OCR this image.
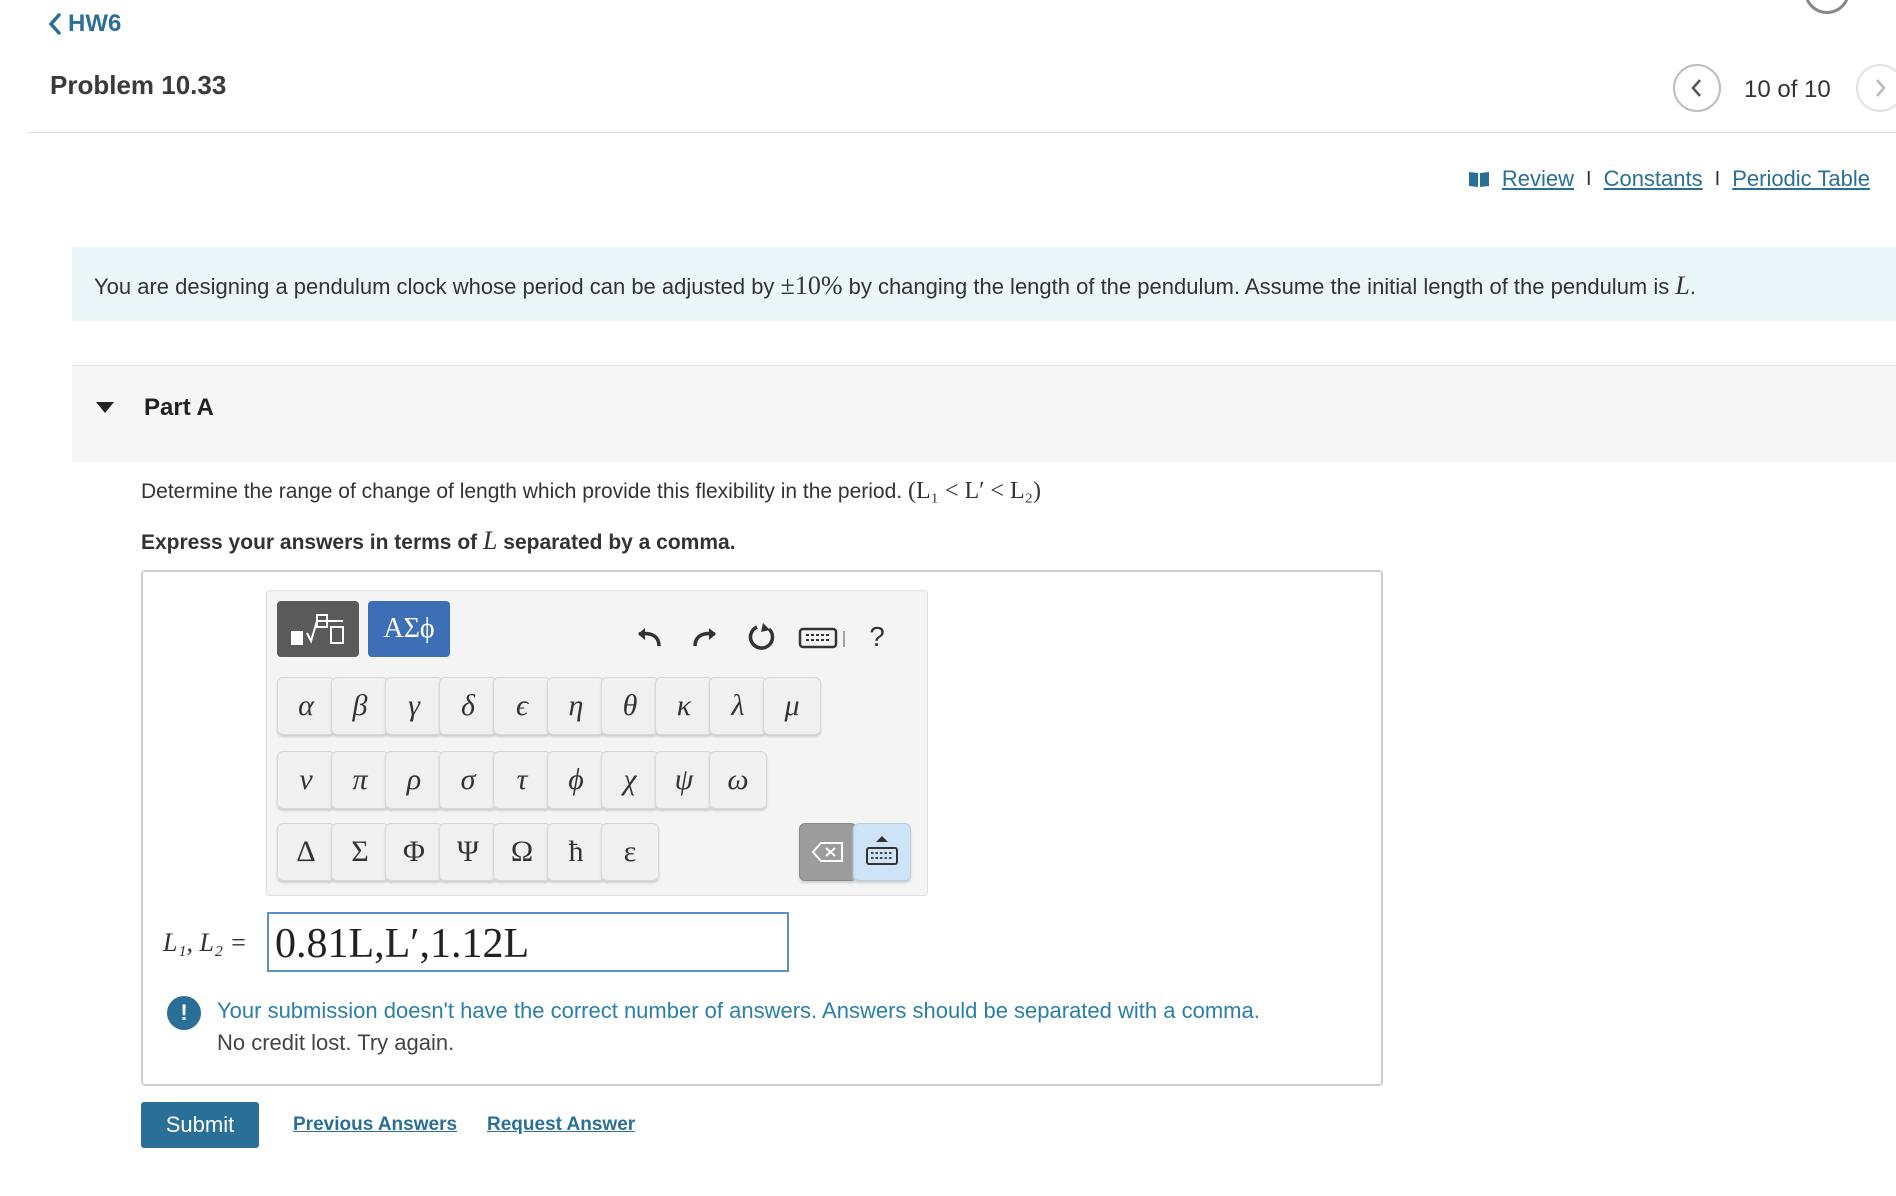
HW6
Problem 10.33	10 of 10
Review I Constants I Periodic Table
You are designing a pendulum clock whose period can be adjusted by ±10% by changing the length of the pendulum. Assume the initial length of the pendulum is L.
Part A
Determine the range of change of length which provide this flexibility in the period. (L₁ < L′ < L₂)
Express your answers in terms of L separated by a comma.
ΑΣϕ	?
α	β	γ	δ	ϵ	η	θ	κ	λ	μ
ν	π	ρ	σ	τ	ϕ	χ	ψ	ω
Δ	Σ	Φ	Ψ	Ω	ħ	ε
L₁, L₂ = 0.81L,L′,1.12L
!	Your submission doesn't have the correct number of answers. Answers should be separated with a comma.
No credit lost. Try again.
Submit	Previous Answers Request Answer
